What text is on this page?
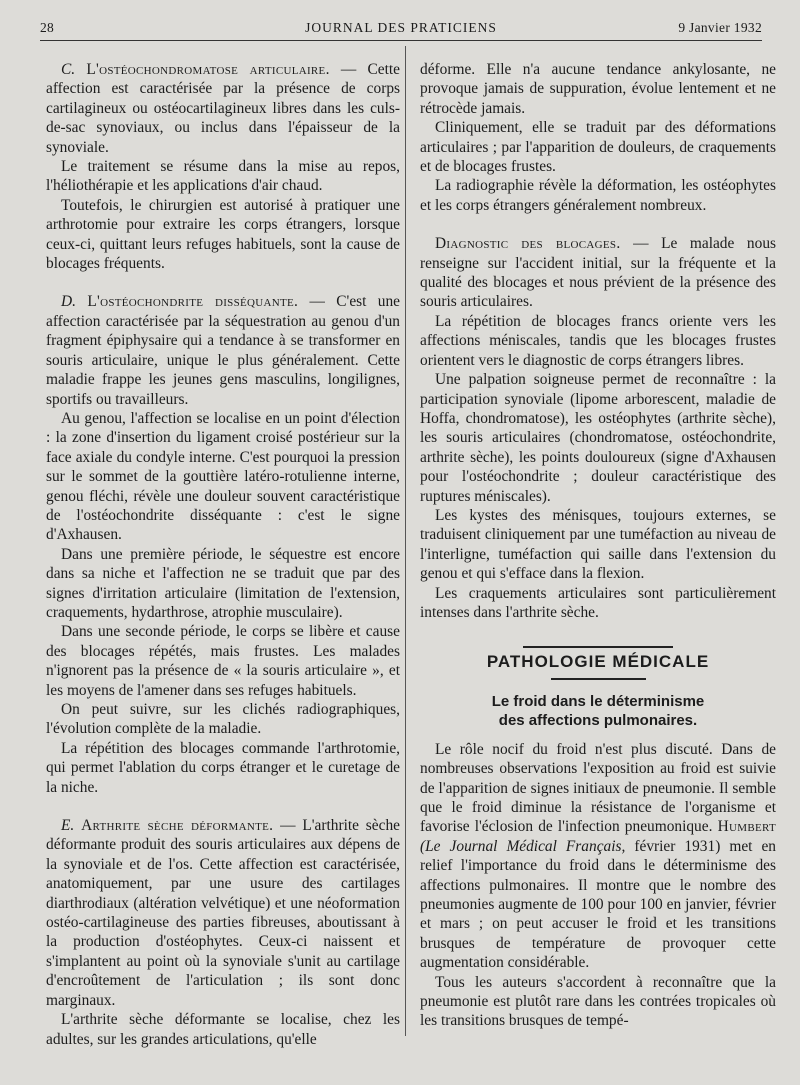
28	JOURNAL DES PRATICIENS	9 Janvier 1932

C. L'ostéochondromatose articulaire. — Cette affection est caractérisée par la présence de corps cartilagineux ou ostéocartilagineux libres dans les culs-de-sac synoviaux, ou inclus dans l'épaisseur de la synoviale.

Le traitement se résume dans la mise au repos, l'héliothérapie et les applications d'air chaud.

Toutefois, le chirurgien est autorisé à pratiquer une arthrotomie pour extraire les corps étrangers, lorsque ceux-ci, quittant leurs refuges habituels, sont la cause de blocages fréquents.

D. L'ostéochondrite disséquante. — C'est une affection caractérisée par la séquestration au genou d'un fragment épiphysaire qui a tendance à se transformer en souris articulaire, unique le plus généralement. Cette maladie frappe les jeunes gens masculins, longilignes, sportifs ou travailleurs.

Au genou, l'affection se localise en un point d'élection : la zone d'insertion du ligament croisé postérieur sur la face axiale du condyle interne. C'est pourquoi la pression sur le sommet de la gouttière latéro-rotulienne interne, genou fléchi, révèle une douleur souvent caractéristique de l'ostéochondrite disséquante : c'est le signe d'Axhausen.

Dans une première période, le séquestre est encore dans sa niche et l'affection ne se traduit que par des signes d'irritation articulaire (limitation de l'extension, craquements, hydarthrose, atrophie musculaire).

Dans une seconde période, le corps se libère et cause des blocages répétés, mais frustes. Les malades n'ignorent pas la présence de « la souris articulaire », et les moyens de l'amener dans ses refuges habituels.

On peut suivre, sur les clichés radiographiques, l'évolution complète de la maladie.

La répétition des blocages commande l'arthrotomie, qui permet l'ablation du corps étranger et le curetage de la niche.

E. Arthrite sèche déformante. — L'arthrite sèche déformante produit des souris articulaires aux dépens de la synoviale et de l'os. Cette affection est caractérisée, anatomiquement, par une usure des cartilages diarthrodiaux (altération velvétique) et une néoformation ostéo-cartilagineuse des parties fibreuses, aboutissant à la production d'ostéophytes. Ceux-ci naissent et s'implantent au point où la synoviale s'unit au cartilage d'encroûtement de l'articulation ; ils sont donc marginaux.

L'arthrite sèche déformante se localise, chez les adultes, sur les grandes articulations, qu'elle

déforme. Elle n'a aucune tendance ankylosante, ne provoque jamais de suppuration, évolue lentement et ne rétrocède jamais.

Cliniquement, elle se traduit par des déformations articulaires ; par l'apparition de douleurs, de craquements et de blocages frustes.

La radiographie révèle la déformation, les ostéophytes et les corps étrangers généralement nombreux.

Diagnostic des blocages. — Le malade nous renseigne sur l'accident initial, sur la fréquente et la qualité des blocages et nous prévient de la présence des souris articulaires.

La répétition de blocages francs oriente vers les affections méniscales, tandis que les blocages frustes orientent vers le diagnostic de corps étrangers libres.

Une palpation soigneuse permet de reconnaître : la participation synoviale (lipome arborescent, maladie de Hoffa, chondromatose), les ostéophytes (arthrite sèche), les souris articulaires (chondromatose, ostéochondrite, arthrite sèche), les points douloureux (signe d'Axhausen pour l'ostéochondrite ; douleur caractéristique des ruptures méniscales).

Les kystes des ménisques, toujours externes, se traduisent cliniquement par une tuméfaction au niveau de l'interligne, tuméfaction qui saille dans l'extension du genou et qui s'efface dans la flexion.

Les craquements articulaires sont particulièrement intenses dans l'arthrite sèche.

PATHOLOGIE MÉDICALE
Le froid dans le déterminisme
des affections pulmonaires.

Le rôle nocif du froid n'est plus discuté. Dans de nombreuses observations l'exposition au froid est suivie de l'apparition de signes initiaux de pneumonie. Il semble que le froid diminue la résistance de l'organisme et favorise l'éclosion de l'infection pneumonique. Humbert (Le Journal Médical Français, février 1931) met en relief l'importance du froid dans le déterminisme des affections pulmonaires. Il montre que le nombre des pneumonies augmente de 100 pour 100 en janvier, février et mars ; on peut accuser le froid et les transitions brusques de température de provoquer cette augmentation considérable.

Tous les auteurs s'accordent à reconnaître que la pneumonie est plutôt rare dans les contrées tropicales où les transitions brusques de tempé-
